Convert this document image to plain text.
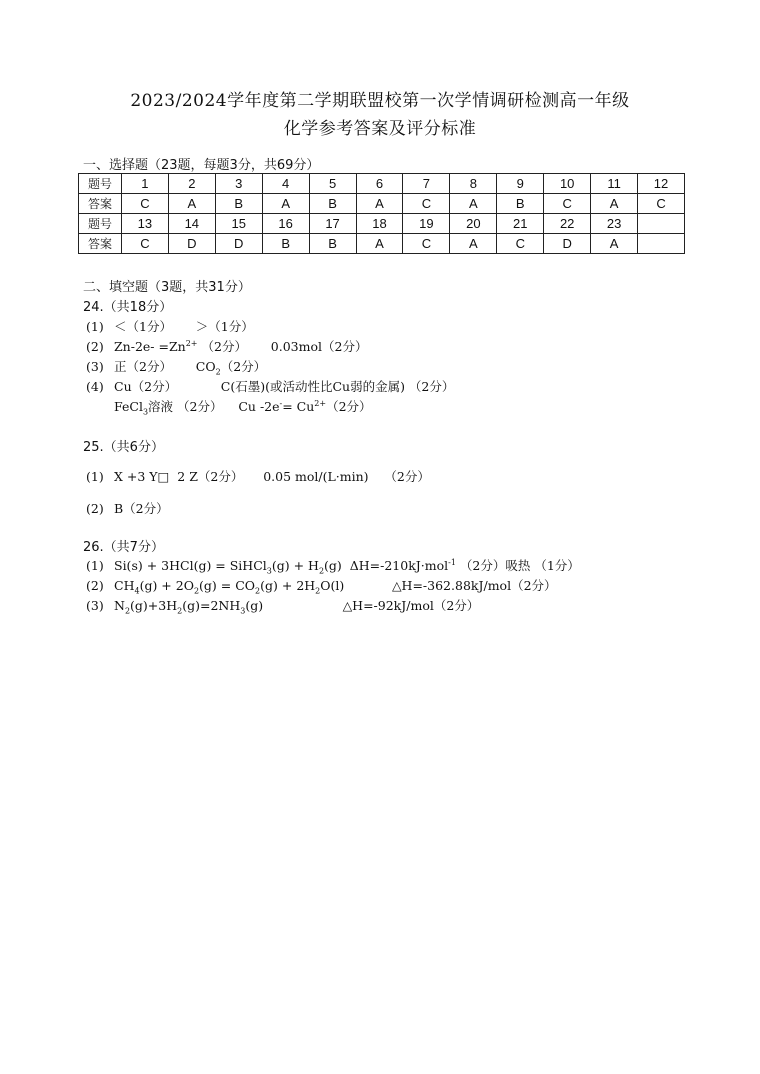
2023/2024学年度第二学期联盟校第一次学情调研检测高一年级
化学参考答案及评分标准
一、选择题（23题，每题3分，共69分）
题号	1	2	3	4	5	6	7	8	9	10	11	12
答案	C	A	B	A	B	A	C	A	B	C	A	C
题号	13	14	15	16	17	18	19	20	21	22	23	
答案	C	D	D	B	B	A	C	A	C	D	A	
二、填空题（3题，共31分）
24.（共18分）
(1) ＜（1分）      ＞（1分）
(2) $Zn-2e- =Zn^{2+}$ （2分）      0.03mol（2分）
(3) 正（2分）      $CO_2(2$分）
(4) Cu（2分）           C(石墨)(或活动性比Cu弱的金属) （2分）
FeCl$_3$溶液 （2分）    Cu $-2e^-= Cu^{2+}(2$分）
25.（共6分）
(1) X +3 Y□  2 Z（2分）     0.05 mol/(L·min)    （2分）
(2) B（2分）
26.（共7分）
(1) Si(s) + 3HCl(g) = SiHCl$_3$(g) + $H_2(g)$  ΔH=-210kJ·mol$^{-1}$ （2分）吸热 （1分）
(2) $CH_4(g) + 2O_2(g) = CO_2(g) + 2H_2O(l)$            △H=-362.88kJ/mol（2分）
(3) $N_2(g)+3H_2(g)=2NH_3(g)$                    △H=-92kJ/mol（2分）
